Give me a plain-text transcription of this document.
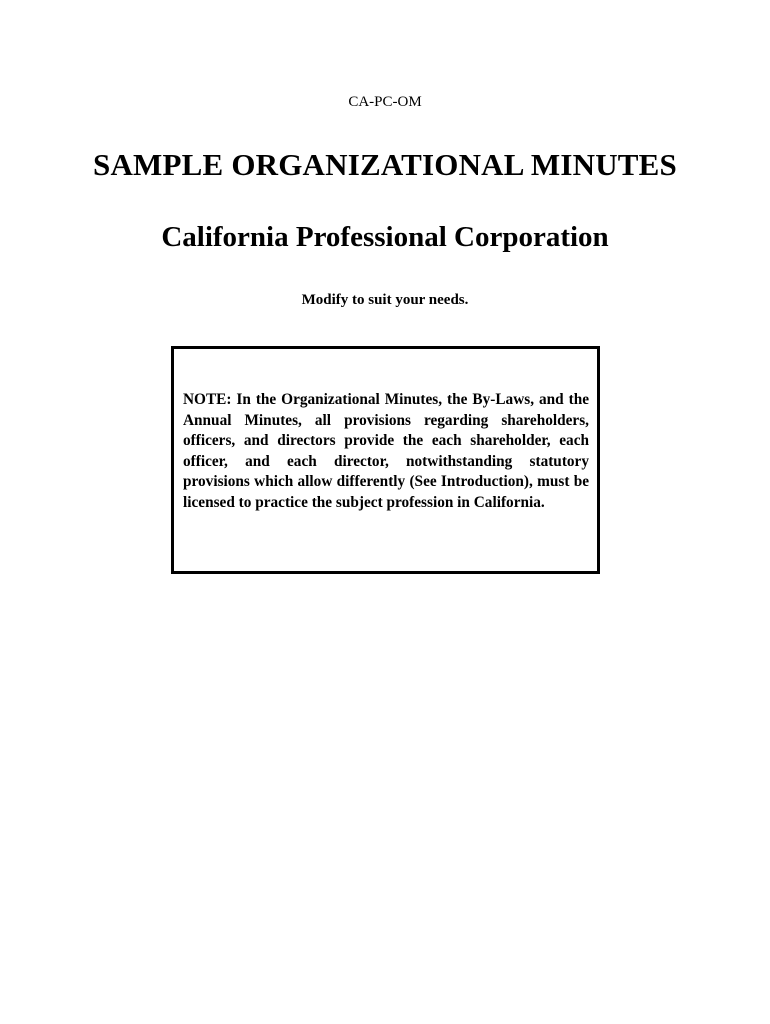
CA-PC-OM
SAMPLE ORGANIZATIONAL MINUTES
California Professional Corporation
Modify to suit your needs.

NOTE: In the Organizational Minutes, the By-Laws, and the Annual Minutes, all provisions regarding shareholders, officers, and directors provide the each shareholder, each officer, and each director, notwithstanding statutory provisions which allow differently (See Introduction), must be licensed to practice the subject profession in California.
